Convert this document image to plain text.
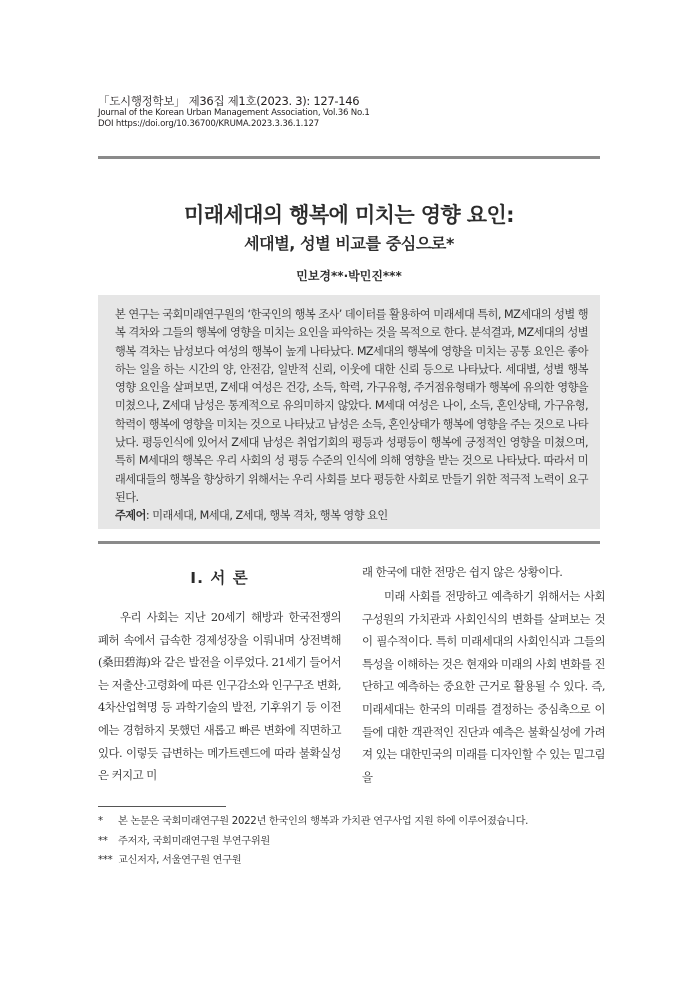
「도시행정학보」 제36집 제1호(2023. 3): 127-146
Journal of the Korean Urban Management Association, Vol.36 No.1
DOI https://doi.org/10.36700/KRUMA.2023.3.36.1.127
미래세대의 행복에 미치는 영향 요인:
세대별, 성별 비교를 중심으로*
민보경**·박민진***

본 연구는 국회미래연구원의 ‘한국인의 행복 조사’ 데이터를 활용하여 미래세대 특히, MZ세대의 성별 행복 격차와 그들의 행복에 영향을 미치는 요인을 파악하는 것을 목적으로 한다. 분석결과, MZ세대의 성별 행복 격차는 남성보다 여성의 행복이 높게 나타났다. MZ세대의 행복에 영향을 미치는 공통 요인은 좋아하는 일을 하는 시간의 양, 안전감, 일반적 신뢰, 이웃에 대한 신뢰 등으로 나타났다. 세대별, 성별 행복 영향 요인을 살펴보면, Z세대 여성은 건강, 소득, 학력, 가구유형, 주거점유형태가 행복에 유의한 영향을 미쳤으나, Z세대 남성은 통계적으로 유의미하지 않았다. M세대 여성은 나이, 소득, 혼인상태, 가구유형, 학력이 행복에 영향을 미치는 것으로 나타났고 남성은 소득, 혼인상태가 행복에 영향을 주는 것으로 나타났다. 평등인식에 있어서 Z세대 남성은 취업기회의 평등과 성평등이 행복에 긍정적인 영향을 미쳤으며, 특히 M세대의 행복은 우리 사회의 성 평등 수준의 인식에 의해 영향을 받는 것으로 나타났다. 따라서 미래세대들의 행복을 향상하기 위해서는 우리 사회를 보다 평등한 사회로 만들기 위한 적극적 노력이 요구된다.

주제어: 미래세대, M세대, Z세대, 행복 격차, 행복 영향 요인
Ⅰ. 서 론

우리 사회는 지난 20세기 해방과 한국전쟁의 폐허 속에서 급속한 경제성장을 이뤄내며 상전벽해(桑田碧海)와 같은 발전을 이루었다. 21세기 들어서는 저출산·고령화에 따른 인구감소와 인구구조 변화, 4차산업혁명 등 과학기술의 발전, 기후위기 등 이전에는 경험하지 못했던 새롭고 빠른 변화에 직면하고 있다. 이렇듯 급변하는 메가트렌드에 따라 불확실성은 커지고 미

래 한국에 대한 전망은 쉽지 않은 상황이다.

미래 사회를 전망하고 예측하기 위해서는 사회구성원의 가치관과 사회인식의 변화를 살펴보는 것이 필수적이다. 특히 미래세대의 사회인식과 그들의 특성을 이해하는 것은 현재와 미래의 사회 변화를 진단하고 예측하는 중요한 근거로 활용될 수 있다. 즉, 미래세대는 한국의 미래를 결정하는 중심축으로 이들에 대한 객관적인 진단과 예측은 불확실성에 가려져 있는 대한민국의 미래를 디자인할 수 있는 밑그림을

* 본 논문은 국회미래연구원 2022년 한국인의 행복과 가치관 연구사업 지원 하에 이루어졌습니다.
** 주저자, 국회미래연구원 부연구위원
*** 교신저자, 서울연구원 연구원
